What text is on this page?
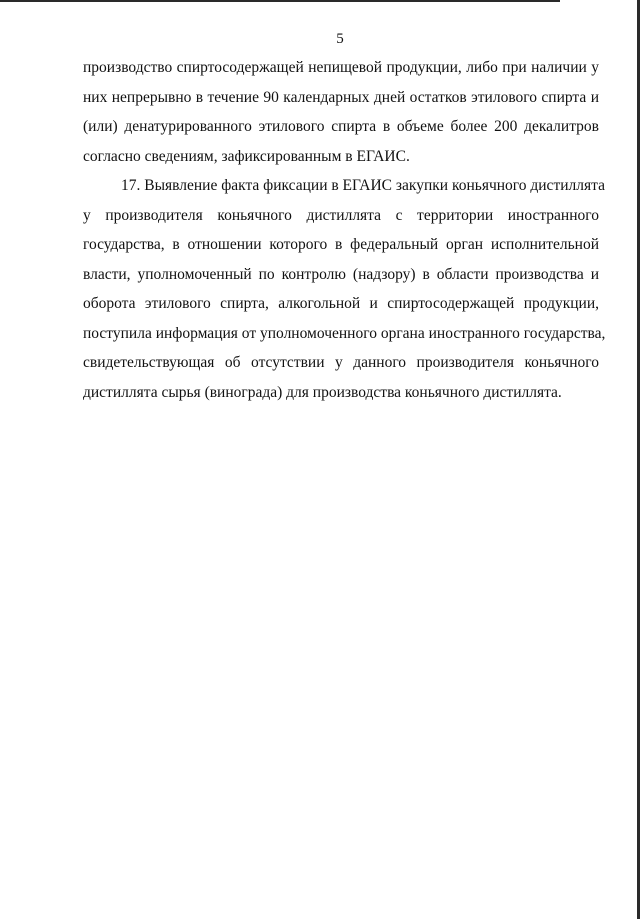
5
производство спиртосодержащей непищевой продукции, либо при наличии у
них непрерывно в течение 90 календарных дней остатков этилового спирта и
(или) денатурированного этилового спирта в объеме более 200 декалитров
согласно сведениям, зафиксированным в ЕГАИС.
17. Выявление факта фиксации в ЕГАИС закупки коньячного дистиллята
у производителя коньячного дистиллята с территории иностранного
государства, в отношении которого в федеральный орган исполнительной
власти, уполномоченный по контролю (надзору) в области производства и
оборота этилового спирта, алкогольной и спиртосодержащей продукции,
поступила информация от уполномоченного органа иностранного государства,
свидетельствующая об отсутствии у данного производителя коньячного
дистиллята сырья (винограда) для производства коньячного дистиллята.
